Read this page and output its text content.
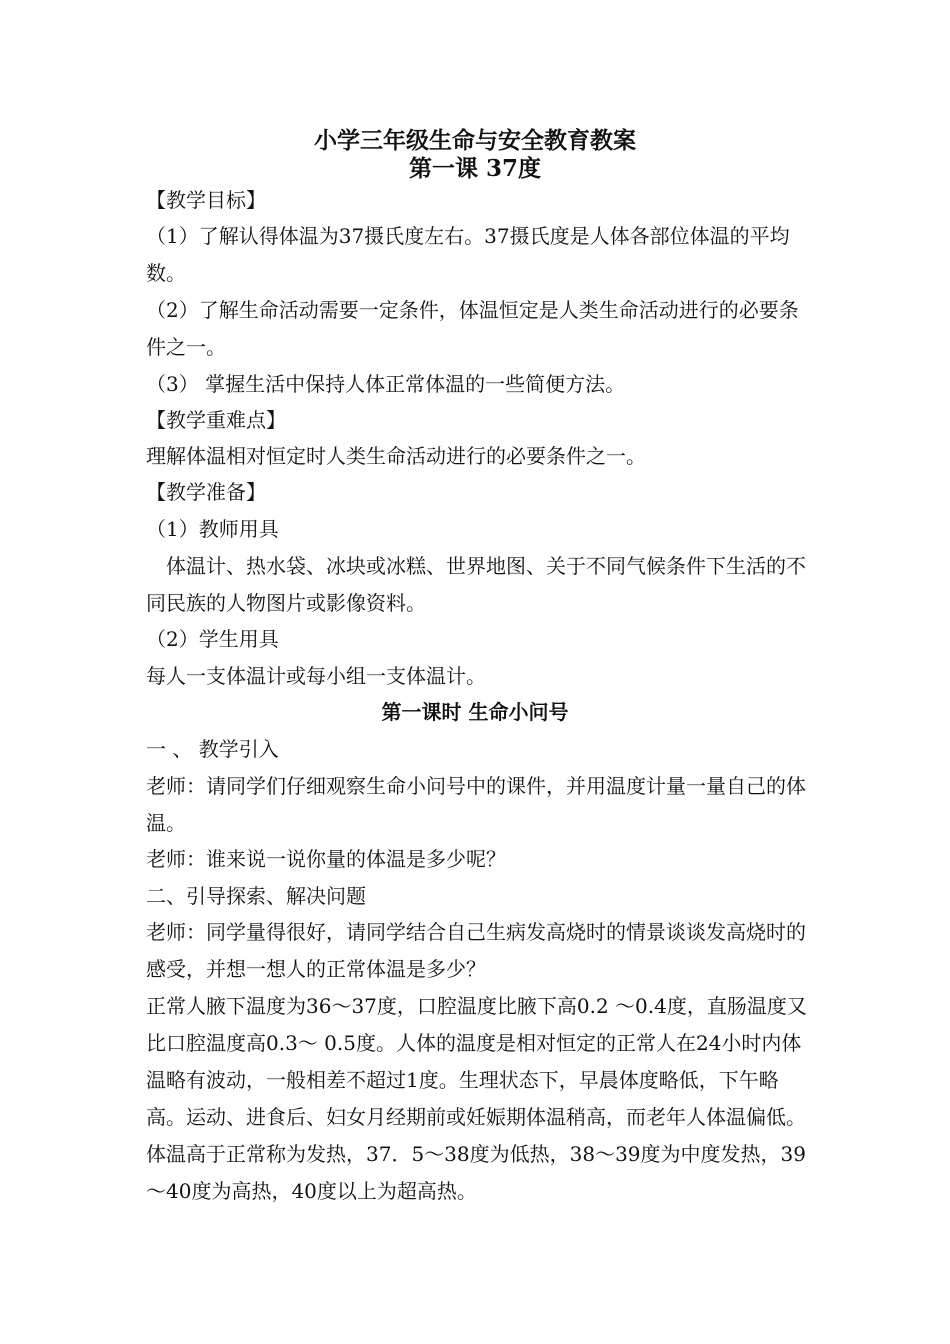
小学三年级生命与安全教育教案
第一课 37度
【教学目标】
（1）了解认得体温为37摄氏度左右。37摄氏度是人体各部位体温的平均数。
（2）了解生命活动需要一定条件，体温恒定是人类生命活动进行的必要条件之一。
（3） 掌握生活中保持人体正常体温的一些简便方法。
【教学重难点】
理解体温相对恒定时人类生命活动进行的必要条件之一。
【教学准备】
（1）教师用具
体温计、热水袋、冰块或冰糕、世界地图、关于不同气候条件下生活的不同民族的人物图片或影像资料。
（2）学生用具
每人一支体温计或每小组一支体温计。
第一课时 生命小问号
一 、 教学引入
老师：请同学们仔细观察生命小问号中的课件，并用温度计量一量自己的体温。
老师：谁来说一说你量的体温是多少呢？
二、引导探索、解决问题
老师：同学量得很好，请同学结合自己生病发高烧时的情景谈谈发高烧时的感受，并想一想人的正常体温是多少？
正常人腋下温度为36～37度，口腔温度比腋下高0.2 ～0.4度，直肠温度又比口腔温度高0.3～ 0.5度。人体的温度是相对恒定的正常人在24小时内体温略有波动，一般相差不超过1度。生理状态下，早晨体度略低，下午略高。运动、进食后、妇女月经期前或妊娠期体温稍高，而老年人体温偏低。体温高于正常称为发热，37．5～38度为低热，38～39度为中度发热，39～40度为高热，40度以上为超高热。
